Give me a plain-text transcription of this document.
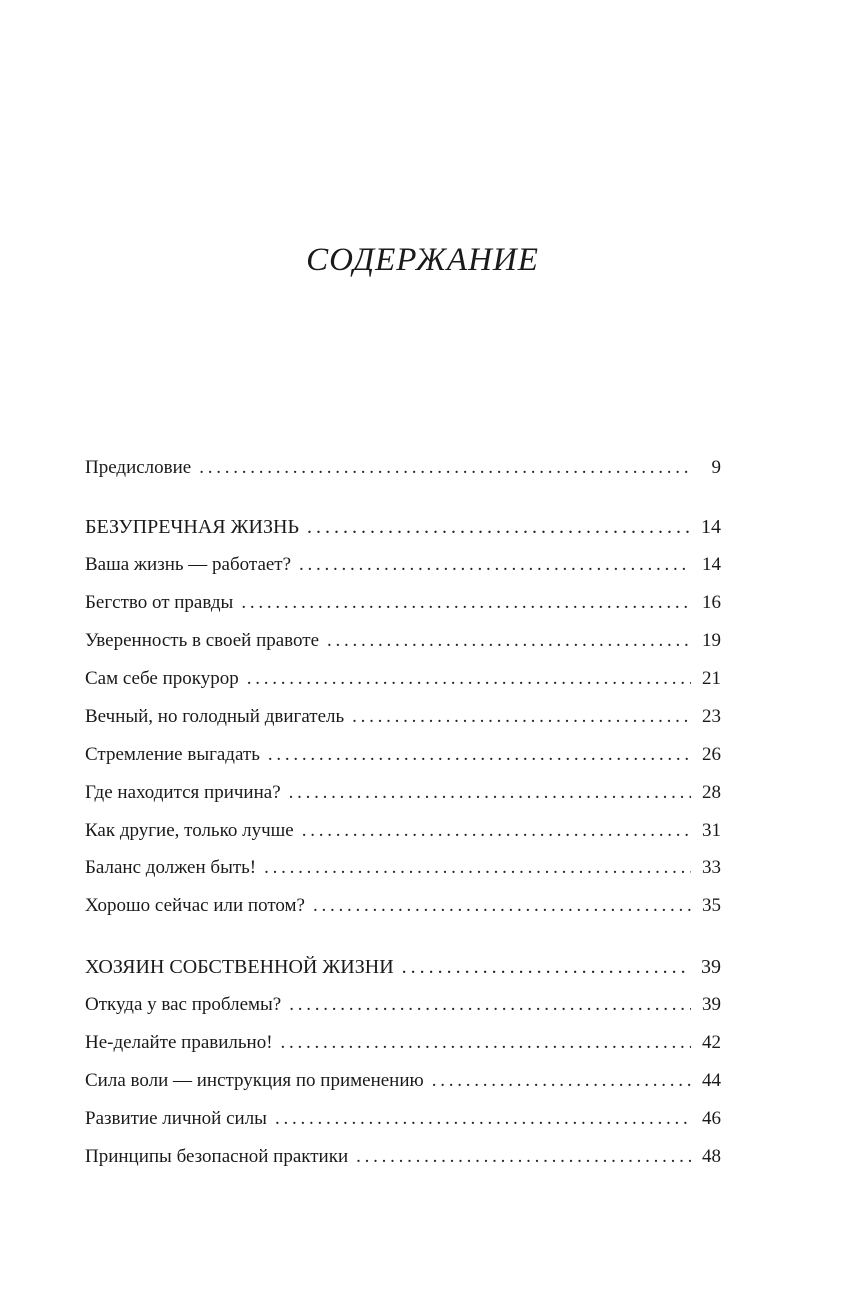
СОДЕРЖАНИЕ
Предисловие . . .	9
БЕЗУПРЕЧНАЯ ЖИЗНЬ . . .	14
Ваша жизнь — работает? . . .	14
Бегство от правды . . .	16
Уверенность в своей правоте . . .	19
Сам себе прокурор . . .	21
Вечный, но голодный двигатель . . .	23
Стремление выгадать . . .	26
Где находится причина? . . .	28
Как другие, только лучше . . .	31
Баланс должен быть! . . .	33
Хорошо сейчас или потом? . . .	35
ХОЗЯИН СОБСТВЕННОЙ ЖИЗНИ . . .	39
Откуда у вас проблемы? . . .	39
Не-делайте правильно! . . .	42
Сила воли — инструкция по применению . . .	44
Развитие личной силы . . .	46
Принципы безопасной практики . . .	48
